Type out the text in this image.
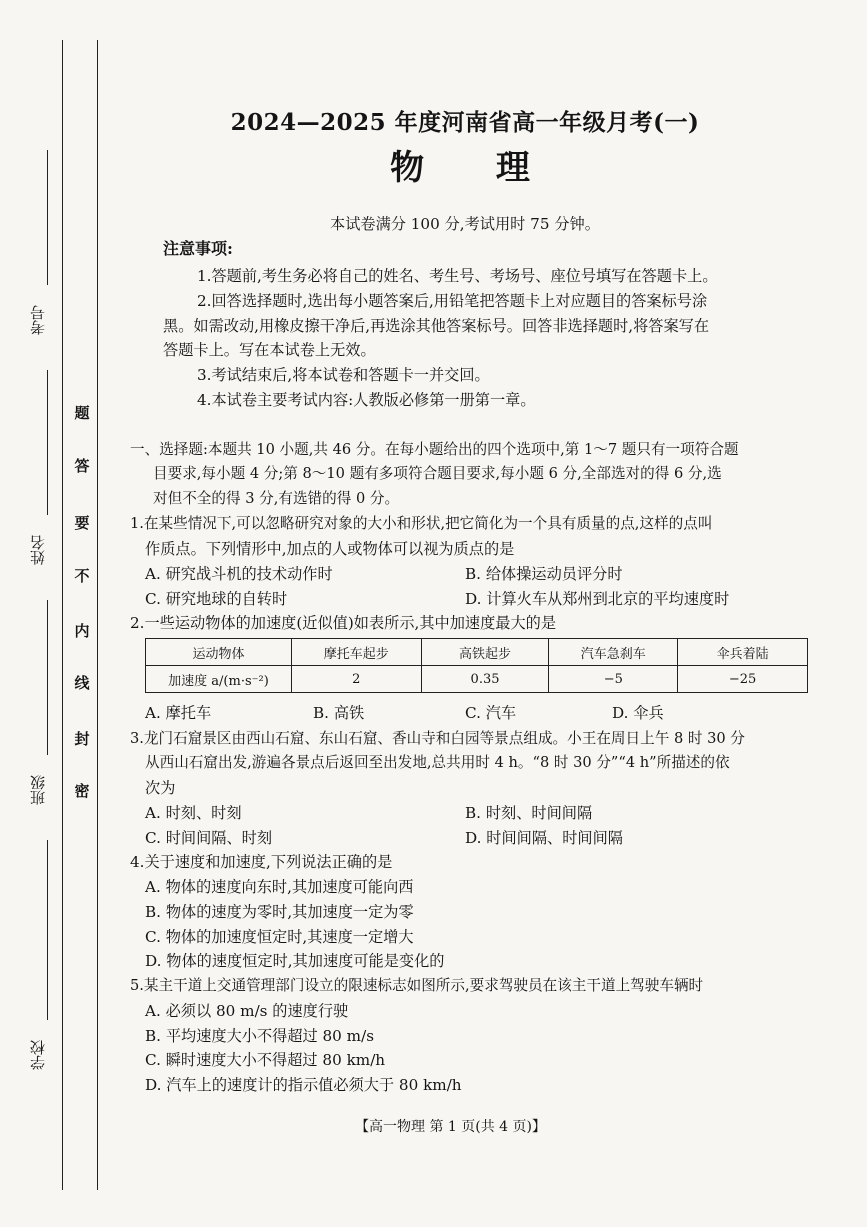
考号
姓名
班级
学校
题
答
要
不
内
线
封
密
2024—2025 年度河南省高一年级月考(一)
物 理
本试卷满分 100 分,考试用时 75 分钟。
注意事项:
1.答题前,考生务必将自己的姓名、考生号、考场号、座位号填写在答题卡上。
2.回答选择题时,选出每小题答案后,用铅笔把答题卡上对应题目的答案标号涂
黑。如需改动,用橡皮擦干净后,再选涂其他答案标号。回答非选择题时,将答案写在
答题卡上。写在本试卷上无效。
3.考试结束后,将本试卷和答题卡一并交回。
4.本试卷主要考试内容:人教版必修第一册第一章。
一、选择题:本题共 10 小题,共 46 分。在每小题给出的四个选项中,第 1～7 题只有一项符合题
目要求,每小题 4 分;第 8～10 题有多项符合题目要求,每小题 6 分,全部选对的得 6 分,选
对但不全的得 3 分,有选错的得 0 分。
1.在某些情况下,可以忽略研究对象的大小和形状,把它简化为一个具有质量的点,这样的点叫
作质点。下列情形中,加点的人或物体可以视为质点的是
A. 研究战斗机的技术动作时	B. 给体操运动员评分时
C. 研究地球的自转时	D. 计算火车从郑州到北京的平均速度时
2.一些运动物体的加速度(近似值)如表所示,其中加速度最大的是
运动物体	摩托车起步	高铁起步	汽车急刹车	伞兵着陆
加速度 a/(m·s⁻²)	2	0.35	−5	−25
A. 摩托车	B. 高铁	C. 汽车	D. 伞兵
3.龙门石窟景区由西山石窟、东山石窟、香山寺和白园等景点组成。小王在周日上午 8 时 30 分
从西山石窟出发,游遍各景点后返回至出发地,总共用时 4 h。“8 时 30 分”“4 h”所描述的依
次为
A. 时刻、时刻	B. 时刻、时间间隔
C. 时间间隔、时刻	D. 时间间隔、时间间隔
4.关于速度和加速度,下列说法正确的是
A. 物体的速度向东时,其加速度可能向西
B. 物体的速度为零时,其加速度一定为零
C. 物体的加速度恒定时,其速度一定增大
D. 物体的速度恒定时,其加速度可能是变化的
5.某主干道上交通管理部门设立的限速标志如图所示,要求驾驶员在该主干道上驾驶车辆时
A. 必须以 80 m/s 的速度行驶
B. 平均速度大小不得超过 80 m/s
C. 瞬时速度大小不得超过 80 km/h
D. 汽车上的速度计的指示值必须大于 80 km/h
【高一物理 第 1 页(共 4 页)】
